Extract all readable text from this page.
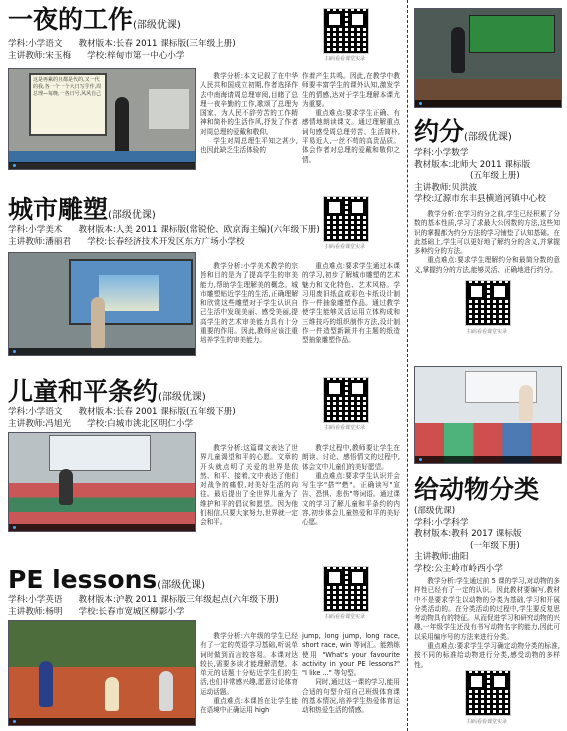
一夜的工作(部级优课)
学科:小学语文 教材版本:长春 2011 课标版(三年级上册)
主讲教师:宋玉梅 学校:梓甸市第一中心小学	扫码看看课堂实录
这是再累的且都是代的,又一代的我,各一个一个大日写乎作,周总理—每晚,一各日号,风风自己

教学分析:本文记叙了在中华人民共和国成立初期,作者选择作去中南海请周总理审阅,目睹了总理一夜辛勤的工作,歌颂了总理为国家、为人民不辞劳苦的工作精神和简朴的生活作风,抒发了作者对周总理的爱戴和敬仰。

学生对周总理生平知之甚少,也因此缺乏生活体验的

作着产生共鸣。因此,在教学中教师要丰富学生的课外认知,激发学生的情感,达对于学生理解本课尤为重要。

重点难点:要求学生正确、有感情地朗读课文。通过理解重点词句感受周总理劳苦、生活简朴,平易近人,一丝不苟的高贵品质。体会作者对总理的爱戴和敬仰之情。

城市雕塑(部级优课)
学科:小学美术 教材版本:人美 2011 课标版(常锐伦、欧京海主编)(六年级下册)
主讲教师:潘丽君 学校:长春经济技术开发区东方广场小学校	扫码看看课堂实录

教学分析:小学美术教学的宗旨和目的是为了提高学生的审美能力,帮助学生理解美的概念。城市雕塑贴近学生的生活,正确理解和欣赏这些雕塑对于学生认识自己生活中发现美丽、感受美丽,提高学生的艺术审美能力具有十分重要的作用。因此,教师应该注重培养学生的审美能力。

重点难点:要求学生通过本课的学习,初步了解城市雕塑的艺术魅力和文化特色、艺术风格。学习用废旧纸盒或彩色卡纸设计制作一件抽象雕塑作品。通过教学使学生能够灵活运用立体构成和三维技巧的组织制作方法,设计制作一件造型新颖并有主题的纸造型抽象雕塑作品。

儿童和平条约(部级优课)
学科:小学语文 教材版本:长春 2001 课标版(五年级下册)
主讲教师:冯旭光 学校:白城市洮北区明仁小学	扫码看看课堂实录

教学分析:这篇课文表达了世界儿童渴望和平的心愿。文章的开头就点明了关爱的世界是依然、和平、接着,文中表达了他们对战争的痛恨,对美好生活的向往。最后提出了全世界儿童为了维护和平的倡议和愿望。因为他们相信,只要大家努力,世界就一定会和平。

教学过程中,教师要让学生在朗读、讨论、感悟情文的过程中,体会文中儿童们的美好愿望。

重点难点:要求学生认识并会写生字"搭""燃"。正确读写"宣告、恐惧、悲伤"等词语。通过课文的学习了解儿童和平条约的内容,初步体会儿童热爱和平的美好心愿。

PE lessons(部级优课)
学科:小学英语 教材版本:沪教 2011 课标版三年级起点(六年级下册)
主讲教师:杨明 学校:长春市宽城区柳影小学	扫码看看课堂实录

教学分析:六年级的学生已经有了一定的英语学习基础,听说单词时做到而言较容易。本课对达较长,需要多读才能理解清楚。本单元的话题十分贴近学生们的生活,也们非常感兴趣,愿意讨论体育运动话题。

重点难点:本课旨在让学生能在语境中正确运用 high

jump, long jump, long race, short race, win 等词汇。能熟练使用 "What's your favourite activity in your PE lessons?" "I like ..." 等句型。

同时,通过这一课的学习,能用合适的句型介绍自己班级体育课的基本情况,培养学生热爱体育运动和热爱生活的情感。

约分(部级优课)
学科:小学数学
教材版本:北师大 2011 课标版
(五年级上册)
主讲教师:贝洪波
学校:辽源市东丰县横道河镇中心校

教学分析:在学习約分之前,学生已经积累了分数的基本性质,学习了求最大公因数的方法,这些知识的掌握都为约分方法的学习铺垫了认知基础。在此基础上,学生可以更好地了解约分的含义,并掌握多种约分的方法。

重点难点:要求学生理解约分和最简分数的意义,掌握约分的方法,能够灵活、正确地进行约分。

扫码看看课堂实录
给动物分类
(部级优课)
学科:小学科学
教材版本:教科 2017 课标版
(一年级下册)
主讲教师:曲阳
学校:公主岭市岭西小学

教学分析:学生通过前 5 课的学习,对动物的多样性已经有了一定的认识。因此教材要编写,教材中不是要求学生以动物的分类为基础,学习和开展分类活动的。在分类活动的过程中,学生要反复思考动物具有的特征。从而促进学习和研究动物的兴趣,一年级学生还没有书写动物名字的能力,因此可以采用编序号的方法来进行分类。

重点难点:要求学生学习确定动物分类的标准,按不同的标准给动物进行分类,感受动物的多样性。

扫码看看课堂实录
